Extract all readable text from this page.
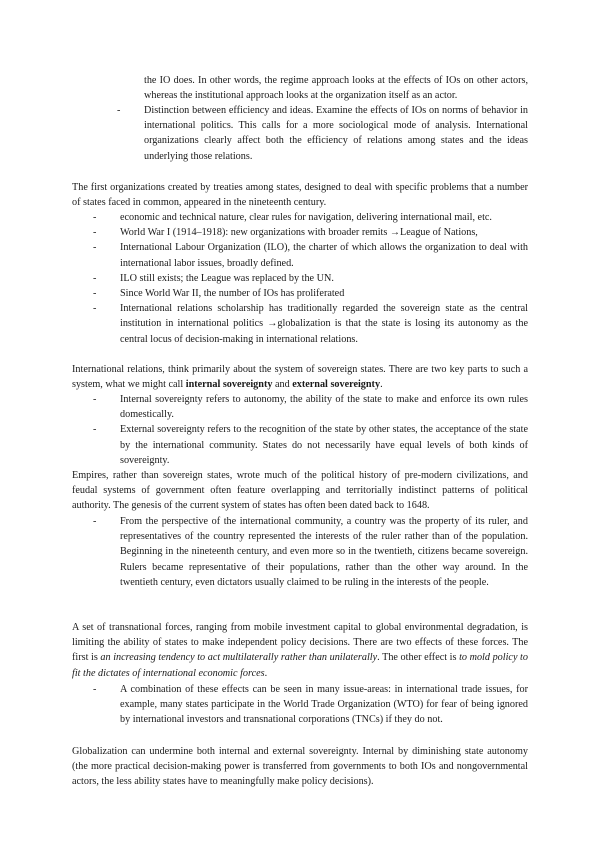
the IO does. In other words, the regime approach looks at the effects of IOs on other actors, whereas the institutional approach looks at the organization itself as an actor.

- Distinction between efficiency and ideas. Examine the effects of IOs on norms of behavior in international politics. This calls for a more sociological mode of analysis. International organizations clearly affect both the efficiency of relations among states and the ideas underlying those relations.

The first organizations created by treaties among states, designed to deal with specific problems that a number of states faced in common, appeared in the nineteenth century.

- economic and technical nature, clear rules for navigation, delivering international mail, etc.
- World War I (1914–1918): new organizations with broader remits →League of Nations,
- International Labour Organization (ILO), the charter of which allows the organization to deal with international labor issues, broadly defined.
- ILO still exists; the League was replaced by the UN.
- Since World War II, the number of IOs has proliferated
- International relations scholarship has traditionally regarded the sovereign state as the central institution in international politics →globalization is that the state is losing its autonomy as the central locus of decision-making in international relations.

International relations, think primarily about the system of sovereign states. There are two key parts to such a system, what we might call internal sovereignty and external sovereignty.

- Internal sovereignty refers to autonomy, the ability of the state to make and enforce its own rules domestically.
- External sovereignty refers to the recognition of the state by other states, the acceptance of the state by the international community. States do not necessarily have equal levels of both kinds of sovereignty.

Empires, rather than sovereign states, wrote much of the political history of pre-modern civilizations, and feudal systems of government often feature overlapping and territorially indistinct patterns of political authority. The genesis of the current system of states has often been dated back to 1648.

- From the perspective of the international community, a country was the property of its ruler, and representatives of the country represented the interests of the ruler rather than of the population. Beginning in the nineteenth century, and even more so in the twentieth, citizens became sovereign. Rulers became representative of their populations, rather than the other way around. In the twentieth century, even dictators usually claimed to be ruling in the interests of the people.

A set of transnational forces, ranging from mobile investment capital to global environmental degradation, is limiting the ability of states to make independent policy decisions. There are two effects of these forces. The first is an increasing tendency to act multilaterally rather than unilaterally. The other effect is to mold policy to fit the dictates of international economic forces.

- A combination of these effects can be seen in many issue-areas: in international trade issues, for example, many states participate in the World Trade Organization (WTO) for fear of being ignored by international investors and transnational corporations (TNCs) if they do not.

Globalization can undermine both internal and external sovereignty. Internal by diminishing state autonomy (the more practical decision-making power is transferred from governments to both IOs and nongovernmental actors, the less ability states have to meaningfully make policy decisions).
